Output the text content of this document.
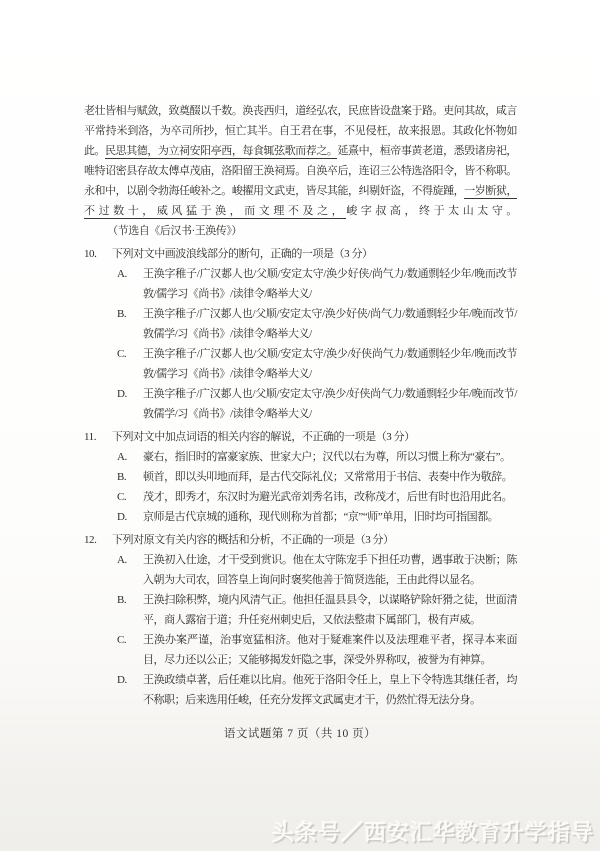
老壮皆相与赋敛，致奠醊以千数。涣丧西归，道经弘农，民庶皆设盘案于路。吏问其故，咸言平常持米到洛，为卒司所抄，恒亡其半。自王君在事，不见侵枉，故来报恩。其政化怀物如此。民思其德，为立祠安阳亭西，每食辄弦歌而荐之。延熹中，桓帝事黄老道，悉毁诸房祀，唯特诏密县存故太傅卓茂庙，洛阳留王涣祠焉。自涣卒后，连诏三公特选洛阳令，皆不称职。永和中，以剧令勃海任峻补之。峻擢用文武吏，皆尽其能，纠剔奸盗，不得旋踵，一岁断狱，不过数十，威风猛于涣，而文理不及之，峻字叔高，终于太山太守。（节选自《后汉书·王涣传》）

10.	下列对文中画波浪线部分的断句，正确的一项是（3 分）
A.	王涣字稚子/广汉郪人也/父顺/安定太守/涣少好侠/尚气力/数通剽轻少年/晚而改节敦/儒学习《尚书》/读律令/略举大义/
B.	王涣字稚子/广汉郪人也/父顺/安定太守/涣少好侠/尚气力/数通剽轻少年/晚而改节/敦儒学/习《尚书》/读律令/略举大义/
C.	王涣字稚子/广汉郪人也/父顺/安定太守/涣少/好侠尚气力/数通剽轻少年/晚而改节敦/儒学习《尚书》/读律令/略举大义/
D.	王涣字稚子/广汉郪人也/父顺/安定太守/涣少/好侠尚气力/数通剽轻少年/晚而改节/敦儒学/习《尚书》/读律令/略举大义/
11.	下列对文中加点词语的相关内容的解说，不正确的一项是（3 分）
A.	豪右，指旧时的富豪家族、世家大户；汉代以右为尊，所以习惯上称为“豪右”。
B.	顿首，即以头叩地而拜，是古代交际礼仪；又常常用于书信、表奏中作为敬辞。
C.	茂才，即秀才，东汉时为避光武帝刘秀名讳，改称茂才，后世有时也沿用此名。
D.	京师是古代京城的通称，现代则称为首都；“京”“师”单用，旧时均可指国都。
12.	下列对原文有关内容的概括和分析，不正确的一项是（3 分）
A.	王涣初入仕途，才干受到赏识。他在太守陈宠手下担任功曹，遇事敢于决断；陈入朝为大司农，回答皇上询问时褒奖他善于简贤选能，王由此得以显名。
B.	王涣扫除积弊，境内风清气正。他担任温县县令，以谋略铲除奸猾之徒，世面清平，商人露宿于道；升任兖州刺史后，又依法整肃下属部门，极有声威。
C.	王涣办案严谨，治事宽猛相济。他对于疑难案件以及法理难平者，探寻本来面目，尽力还以公正；又能够揭发奸隐之事，深受外界称叹，被誉为有神算。
D.	王涣政绩卓著，后任难以比肩。他死于洛阳令任上，皇上下令特选其继任者，均不称职；后来选用任峻，任充分发挥文武属吏才干，仍然忙得无法分身。
语文试题第 7 页（共 10 页）
头条号／西安汇华教育升学指导
